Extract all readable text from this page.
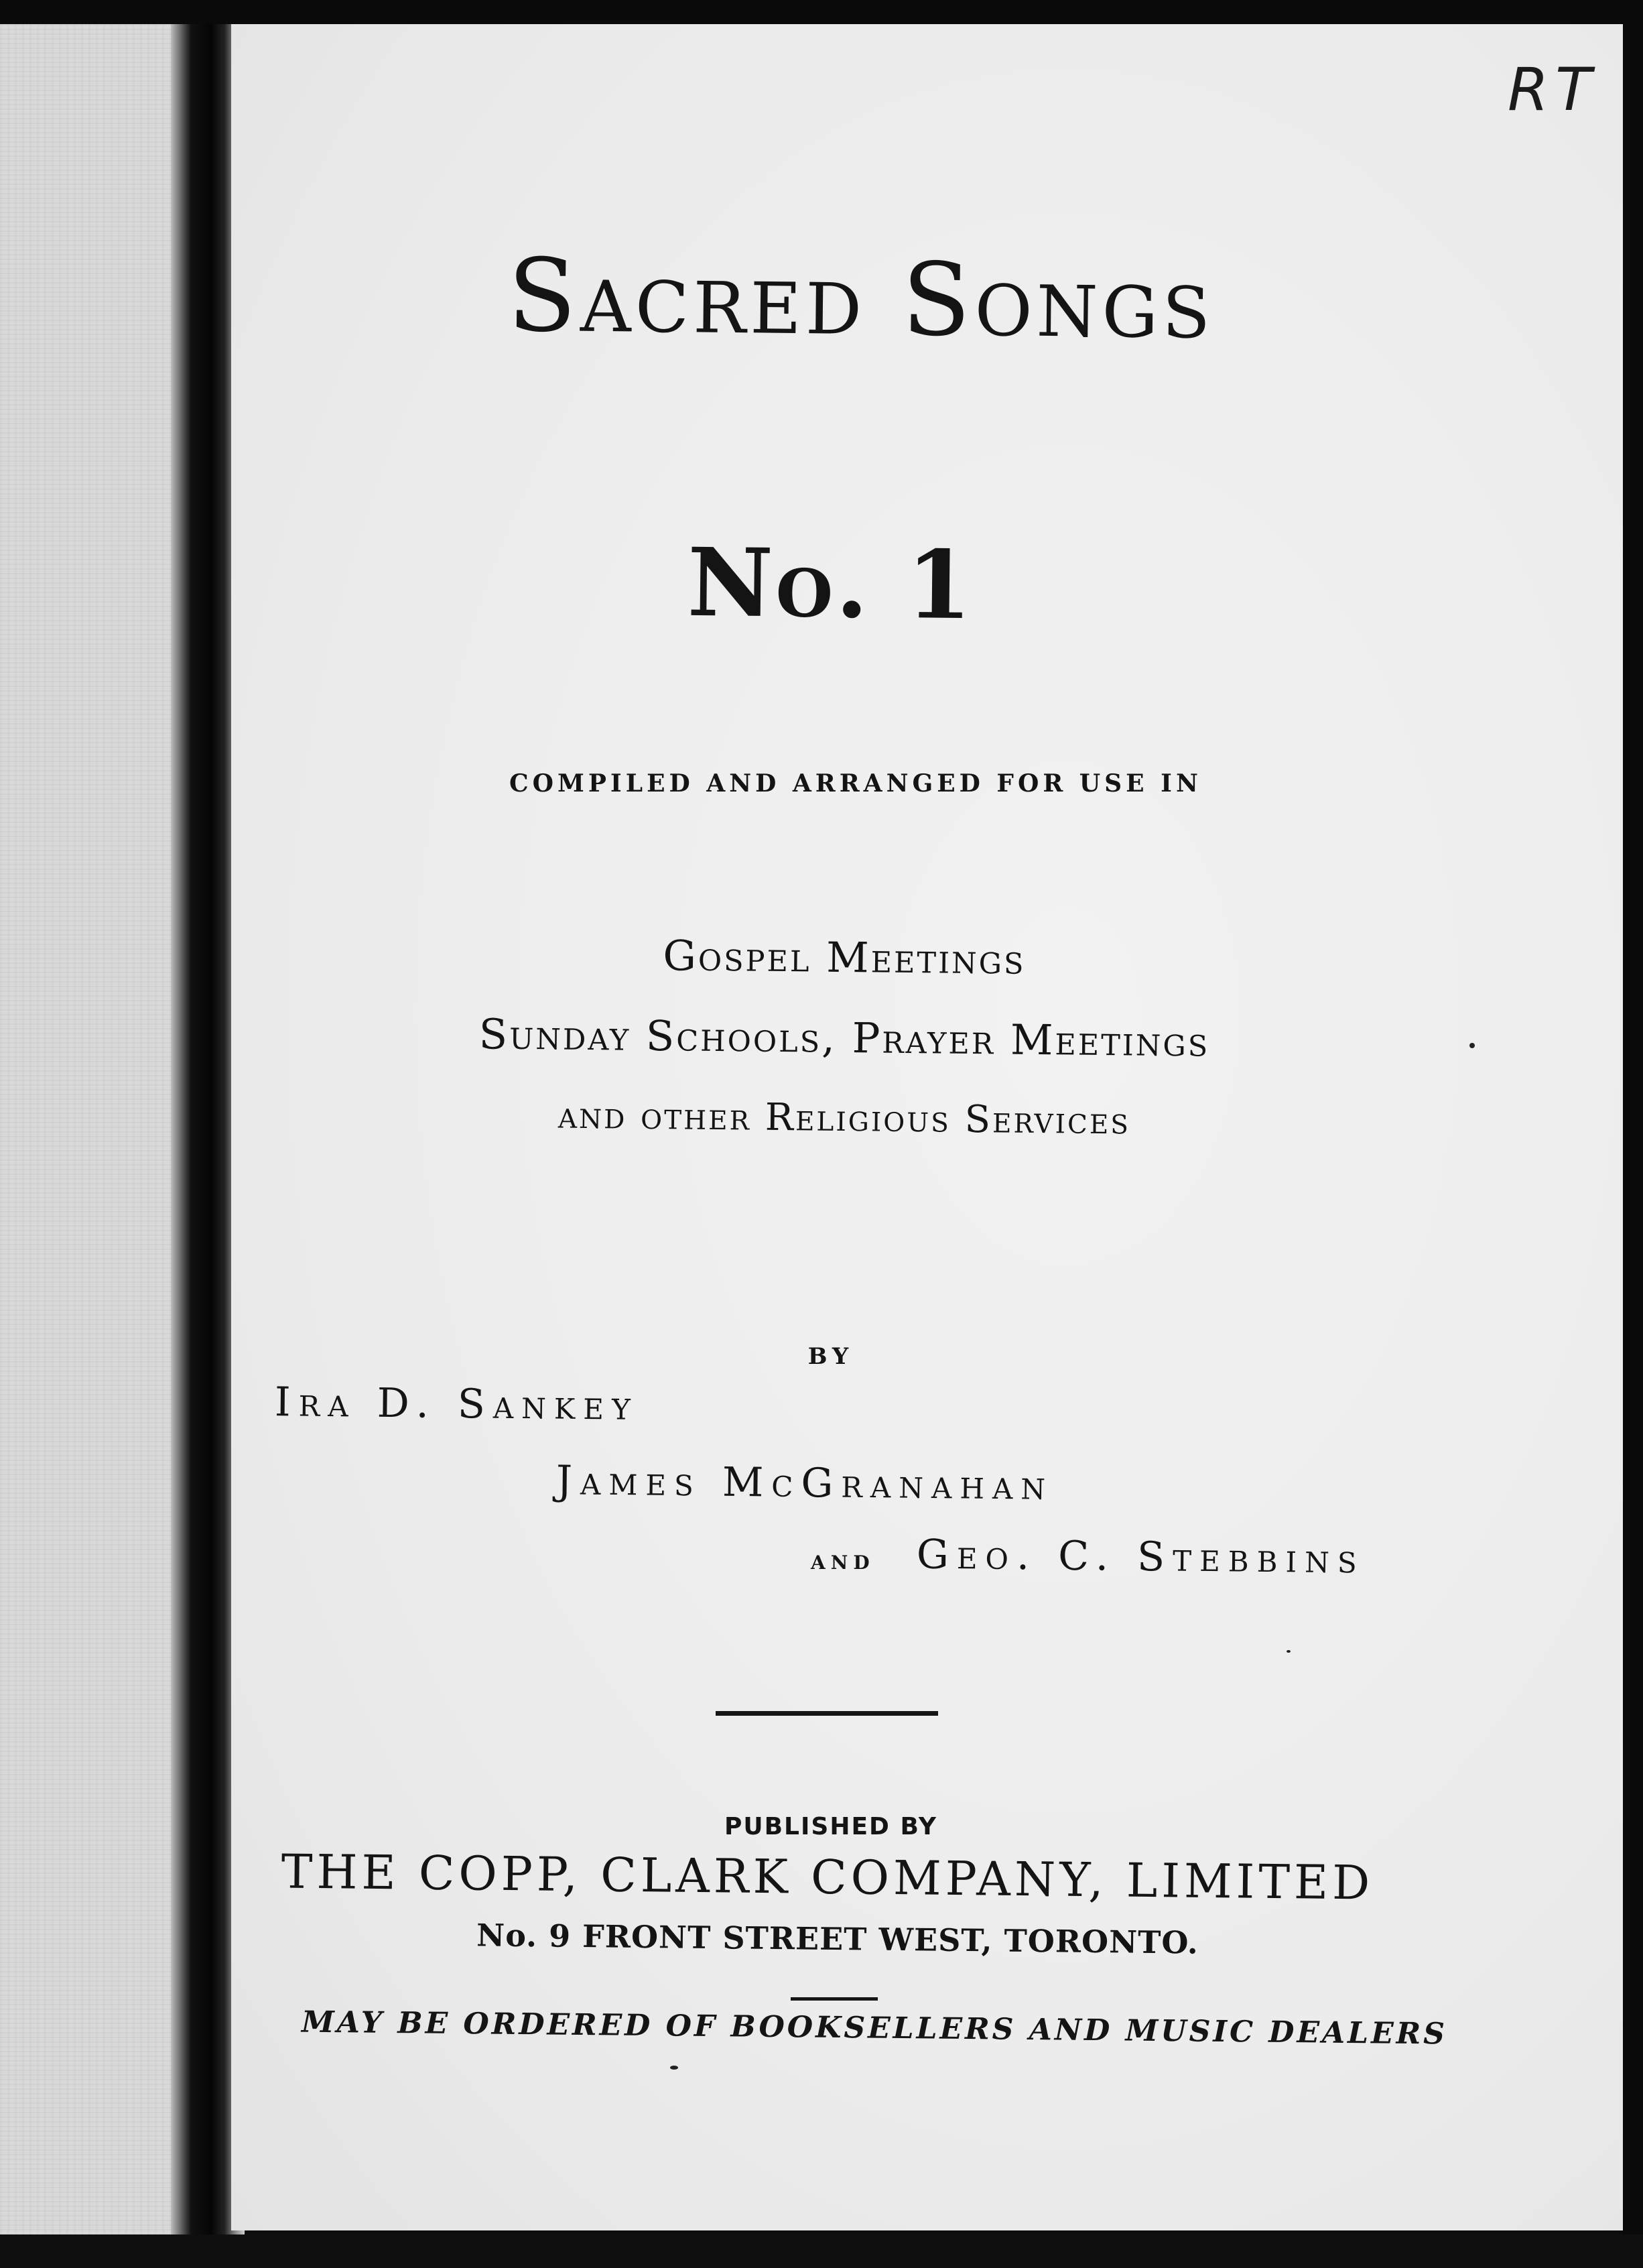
RT

Sacred Songs
No. 1

COMPILED AND ARRANGED FOR USE IN

Gospel Meetings

Sunday Schools, Prayer Meetings

and other Religious Services

BY

Ira D. Sankey

James McGranahan

and Geo. C. Stebbins

PUBLISHED BY

THE COPP, CLARK COMPANY, LIMITED

No. 9 FRONT STREET WEST, TORONTO.

MAY BE ORDERED OF BOOKSELLERS AND MUSIC DEALERS
